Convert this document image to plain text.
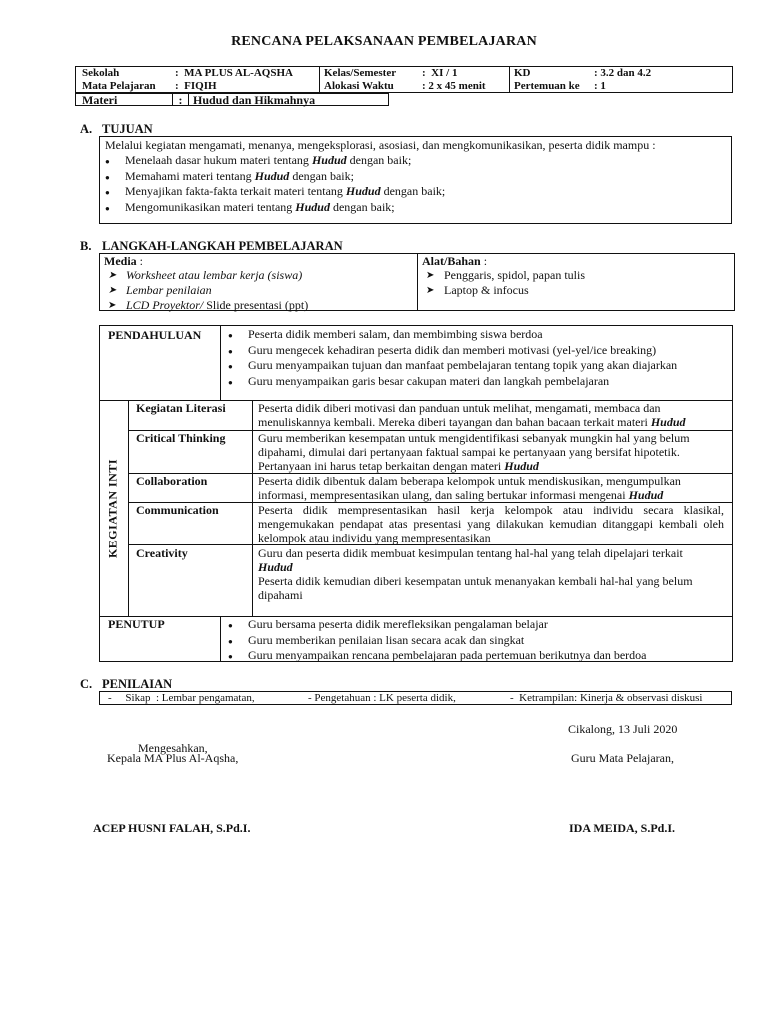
RENCANA PELAKSANAAN PEMBELAJARAN
Sekolah :  MA PLUS AL-AQSHA	Kelas/Semester :  XI / 1	KD : 3.2 dan 4.2
Mata Pelajaran :  FIQIH	Alokasi Waktu : 2 x 45 menit	Pertemuan ke : 1
Materi	: Hudud dan Hikmahnya
A. TUJUAN
Melalui kegiatan mengamati, menanya, mengeksplorasi, asosiasi, dan mengkomunikasikan, peserta didik mampu :
● Menelaah dasar hukum materi tentang Hudud dengan baik;
● Memahami materi tentang Hudud dengan baik;
● Menyajikan fakta-fakta terkait materi tentang Hudud dengan baik;
● Mengomunikasikan materi tentang Hudud dengan baik;
B. LANGKAH-LANGKAH PEMBELAJARAN
Media :
➤ Worksheet atau lembar kerja (siswa)
➤ Lembar penilaian
➤ LCD Proyektor/ Slide presentasi (ppt)
Alat/Bahan :
➤ Penggaris, spidol, papan tulis
➤ Laptop & infocus
PENDAHULUAN	● Peserta didik memberi salam, dan membimbing siswa berdoa
● Guru mengecek kehadiran peserta didik dan memberi motivasi (yel-yel/ice breaking)
● Guru menyampaikan tujuan dan manfaat pembelajaran tentang topik yang akan diajarkan
● Guru menyampaikan garis besar cakupan materi dan langkah pembelajaran
KEGIATAN INTI
Kegiatan Literasi	Peserta didik diberi motivasi dan panduan untuk melihat, mengamati, membaca dan menuliskannya kembali. Mereka diberi tayangan dan bahan bacaan terkait materi Hudud
Critical Thinking	Guru memberikan kesempatan untuk mengidentifikasi sebanyak mungkin hal yang belum dipahami, dimulai dari pertanyaan faktual sampai ke pertanyaan yang bersifat hipotetik. Pertanyaan ini harus tetap berkaitan dengan materi Hudud
Collaboration	Peserta didik dibentuk dalam beberapa kelompok untuk mendiskusikan, mengumpulkan informasi, mempresentasikan ulang, dan saling bertukar informasi mengenai Hudud
Communication	Peserta didik mempresentasikan hasil kerja kelompok atau individu secara klasikal, mengemukakan pendapat atas presentasi yang dilakukan kemudian ditanggapi kembali oleh kelompok atau individu yang mempresentasikan
Creativity	Guru dan peserta didik membuat kesimpulan tentang hal-hal yang telah dipelajari terkait
Hudud
Peserta didik kemudian diberi kesempatan untuk menanyakan kembali hal-hal yang belum dipahami
PENUTUP	● Guru bersama peserta didik merefleksikan pengalaman belajar
● Guru memberikan penilaian lisan secara acak dan singkat
● Guru menyampaikan rencana pembelajaran pada pertemuan berikutnya dan berdoa
C. PENILAIAN
-     Sikap  : Lembar pengamatan,	- Pengetahuan : LK peserta didik,	-  Ketrampilan: Kinerja & observasi diskusi
Cikalong, 13 Juli 2020
Mengesahkan,
Kepala MA Plus Al-Aqsha,	Guru Mata Pelajaran,
ACEP HUSNI FALAH, S.Pd.I.	IDA MEIDA, S.Pd.I.
